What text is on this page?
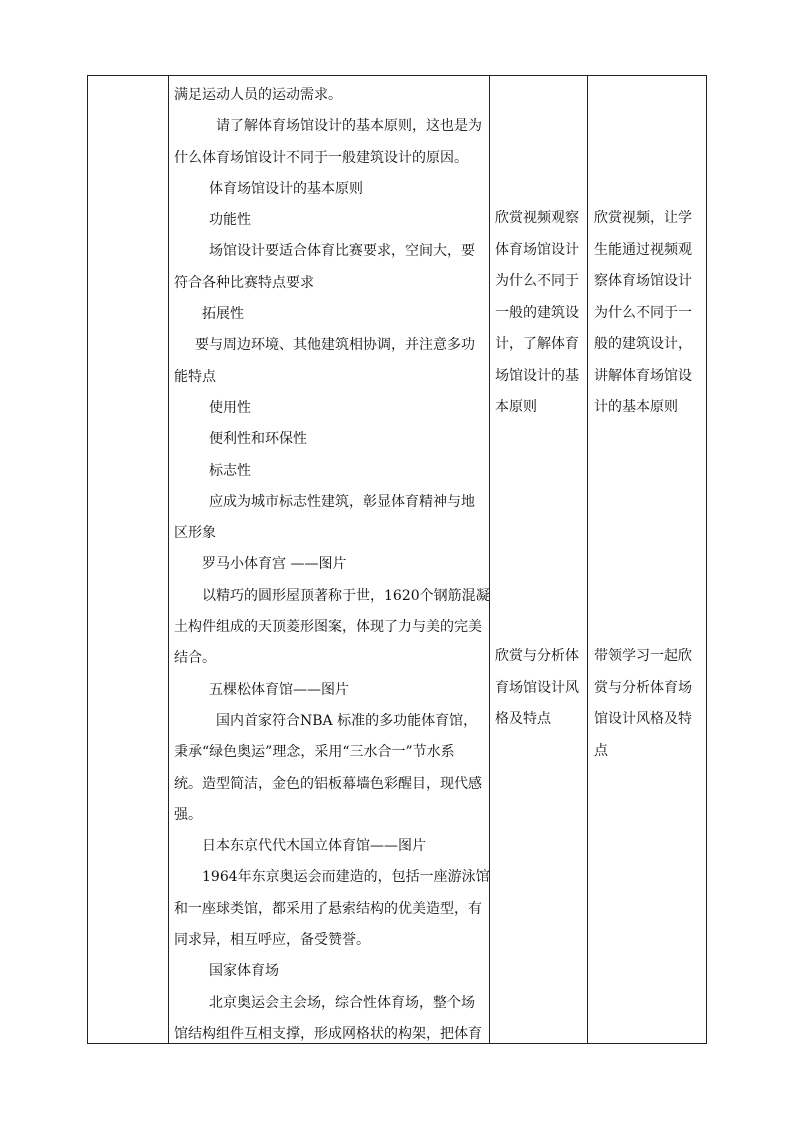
满足运动人员的运动需求。
请了解体育场馆设计的基本原则，这也是为
什么体育场馆设计不同于一般建筑设计的原因。
体育场馆设计的基本原则
功能性
场馆设计要适合体育比赛要求，空间大，要
符合各种比赛特点要求
拓展性
要与周边环境、其他建筑相协调，并注意多功
能特点
使用性
便利性和环保性
标志性
应成为城市标志性建筑，彰显体育精神与地
区形象
罗马小体育宫 ——图片
以精巧的圆形屋顶著称于世，1620个钢筋混凝
土构件组成的天顶菱形图案，体现了力与美的完美
结合。
五棵松体育馆——图片
国内首家符合NBA 标准的多功能体育馆，
秉承“绿色奥运”理念，采用“三水合一”节水系
统。造型简洁，金色的铝板幕墙色彩醒目，现代感
强。
日本东京代代木国立体育馆——图片
1964年东京奥运会而建造的，包括一座游泳馆
和一座球类馆，都采用了悬索结构的优美造型，有
同求异，相互呼应，备受赞誉。
国家体育场
北京奥运会主会场，综合性体育场，整个场
馆结构组件互相支撑，形成网格状的构架，把体育
欣赏视频观察
体育场馆设计
为什么不同于
一般的建筑设
计，了解体育
场馆设计的基
本原则
欣赏视频，让学
生能通过视频观
察体育场馆设计
为什么不同于一
般的建筑设计，
讲解体育场馆设
计的基本原则
欣赏与分析体
育场馆设计风
格及特点
带领学习一起欣
赏与分析体育场
馆设计风格及特
点
